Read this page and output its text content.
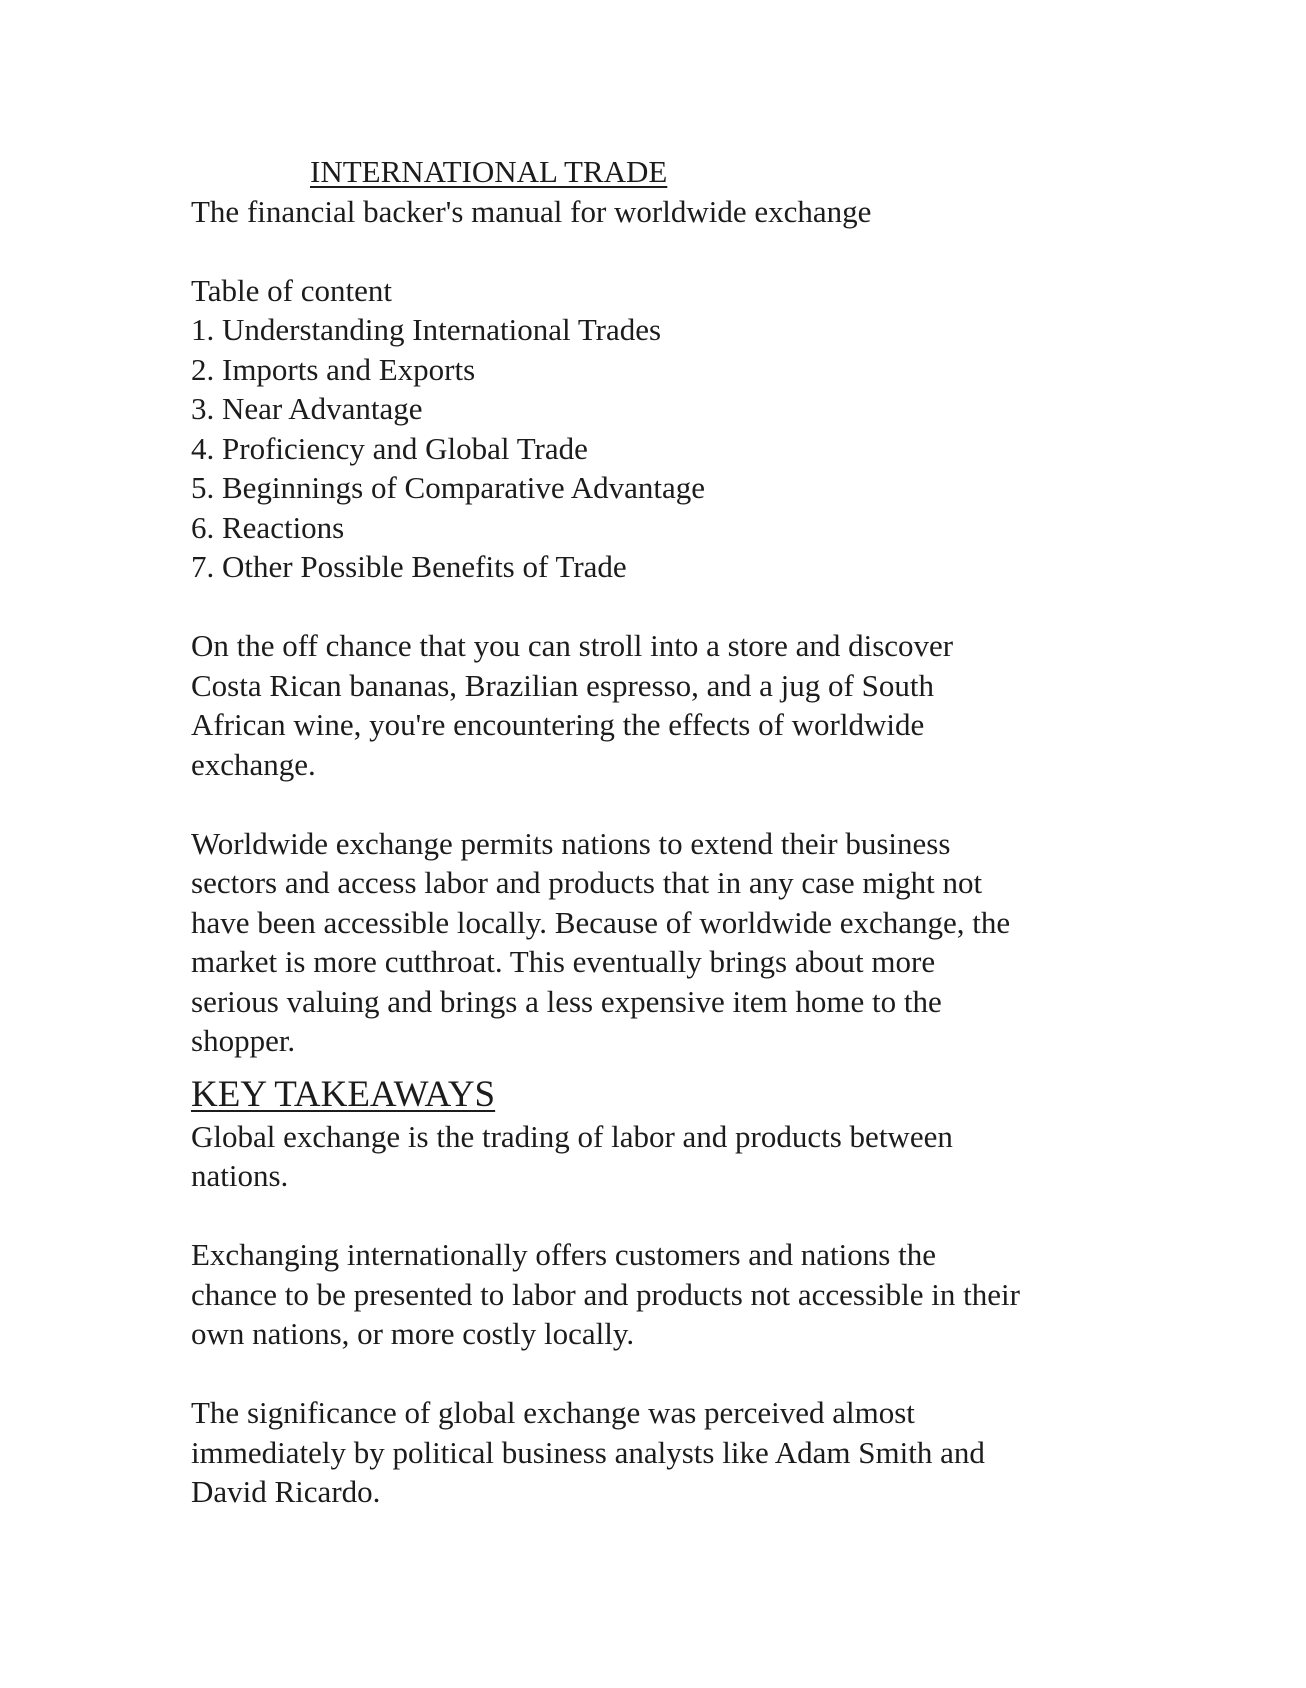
INTERNATIONAL TRADE
The financial backer's manual for worldwide exchange
Table of content
1. Understanding International Trades
2. Imports and Exports
3. Near Advantage
4. Proficiency and Global Trade
5. Beginnings of Comparative Advantage
6. Reactions
7. Other Possible Benefits of Trade

On the off chance that you can stroll into a store and discover
Costa Rican bananas, Brazilian espresso, and a jug of South
African wine, you're encountering the effects of worldwide
exchange.

Worldwide exchange permits nations to extend their business
sectors and access labor and products that in any case might not
have been accessible locally. Because of worldwide exchange, the
market is more cutthroat. This eventually brings about more
serious valuing and brings a less expensive item home to the
shopper.

KEY TAKEAWAYS

Global exchange is the trading of labor and products between
nations.

Exchanging internationally offers customers and nations the
chance to be presented to labor and products not accessible in their
own nations, or more costly locally.

The significance of global exchange was perceived almost
immediately by political business analysts like Adam Smith and
David Ricardo.
